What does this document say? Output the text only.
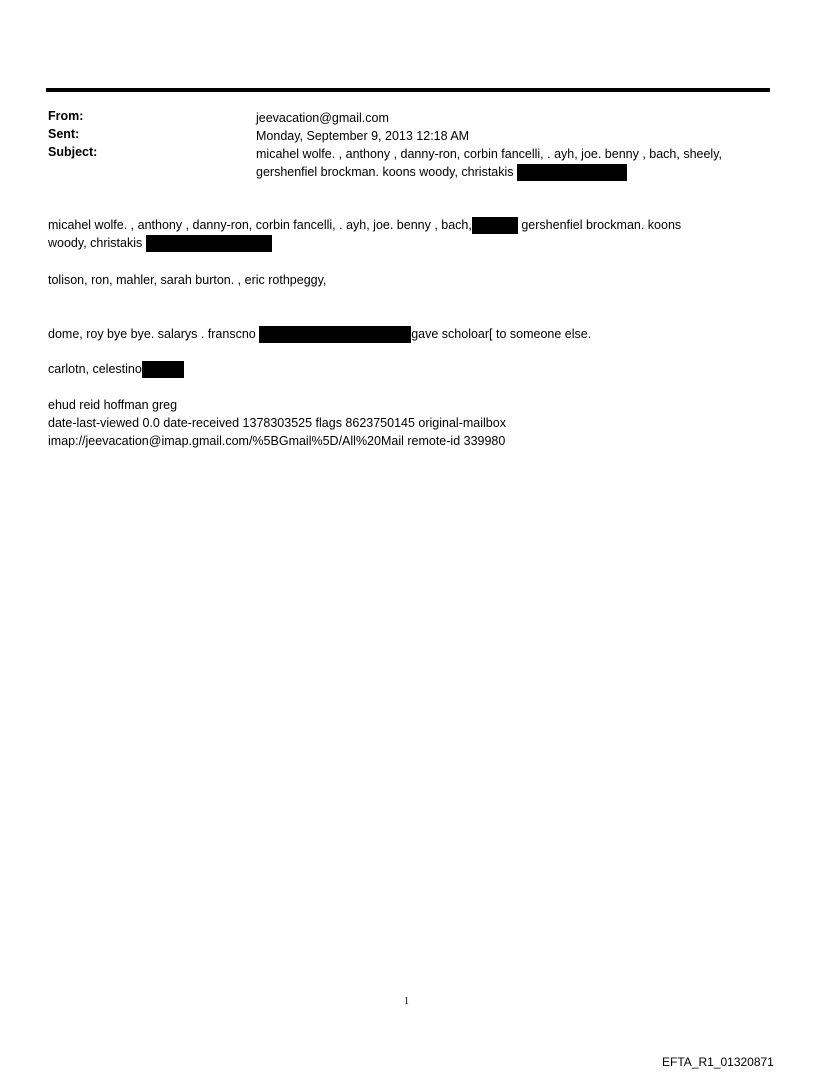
From:	jeevacation@gmail.com
Sent:	Monday, September 9, 2013 12:18 AM
Subject:	micahel wolfe. , anthony , danny-ron, corbin fancelli, . ayh, joe. benny , bach, sheely,
gershenfiel brockman. koons woody, christakis
micahel wolfe. , anthony , danny-ron, corbin fancelli, . ayh, joe. benny , bach,	gershenfiel brockman. koons
woody, christakis
tolison, ron, mahler, sarah burton. , eric rothpeggy,
dome, roy bye bye. salarys . franscno	gave scholoar[ to someone else.
carlotn, celestino
ehud reid hoffman greg
date-last-viewed 0.0 date-received 1378303525 flags 8623750145 original-mailbox
imap://jeevacation@imap.gmail.com/%5BGmail%5D/All%20Mail remote-id 339980
1
EFTA_R1_01320871
